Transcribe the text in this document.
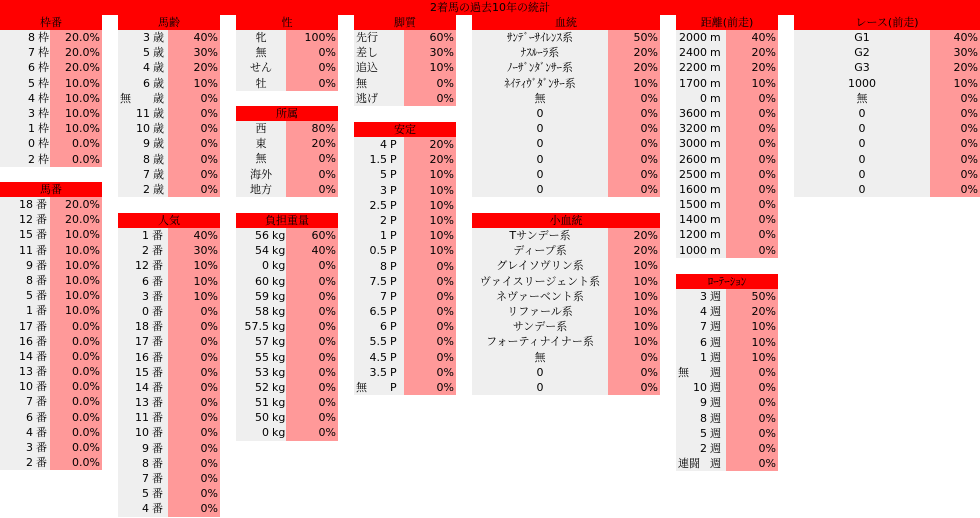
2着馬の過去10年の統計
枠番
8 枠	20.0%
7 枠	20.0%
6 枠	20.0%
5 枠	10.0%
4 枠	10.0%
3 枠	10.0%
1 枠	10.0%
0 枠	0.0%
2 枠	0.0%
馬番
18 番	20.0%
12 番	20.0%
15 番	10.0%
11 番	10.0%
9 番	10.0%
8 番	10.0%
5 番	10.0%
1 番	10.0%
17 番	0.0%
16 番	0.0%
14 番	0.0%
13 番	0.0%
10 番	0.0%
7 番	0.0%
6 番	0.0%
4 番	0.0%
3 番	0.0%
2 番	0.0%
馬齢
3 歳	40%
5 歳	30%
4 歳	20%
6 歳	10%
無 歳	0%
11 歳	0%
10 歳	0%
9 歳	0%
8 歳	0%
7 歳	0%
2 歳	0%
人気
1 番	40%
2 番	30%
12 番	10%
6 番	10%
3 番	10%
0 番	0%
18 番	0%
17 番	0%
16 番	0%
15 番	0%
14 番	0%
13 番	0%
11 番	0%
10 番	0%
9 番	0%
8 番	0%
7 番	0%
5 番	0%
4 番	0%
性
牝	100%
無	0%
せん	0%
牡	0%
所属
西	80%
東	20%
無	0%
海外	0%
地方	0%
負担重量
56 kg	60%
54 kg	40%
0 kg	0%
60 kg	0%
59 kg	0%
58 kg	0%
57.5 kg	0%
57 kg	0%
55 kg	0%
53 kg	0%
52 kg	0%
51 kg	0%
50 kg	0%
0 kg	0%
脚質
先行	60%
差し	30%
追込	10%
無	0%
逃げ	0%
安定
4 P	20%
1.5 P	20%
5 P	10%
3 P	10%
2.5 P	10%
2 P	10%
1 P	10%
0.5 P	10%
8 P	0%
7.5 P	0%
7 P	0%
6.5 P	0%
6 P	0%
5.5 P	0%
4.5 P	0%
3.5 P	0%
無 P	0%
血統
ｻﾝﾃﾞｰｻｲﾚﾝｽ系	50%
ﾅｽﾙｰﾗ系	20%
ﾉｰｻﾞﾝﾀﾞﾝｻｰ系	20%
ﾈｲﾃｨｳﾞﾀﾞﾝｻｰ系	10%
無	0%
0	0%
0	0%
0	0%
0	0%
0	0%
0	0%
小血統
Tサンデー系	20%
ディープ系	20%
グレイソヴリン系	10%
ヴァイスリージェント系	10%
ネヴァーベント系	10%
リファール系	10%
サンデー系	10%
フォーティナイナー系	10%
無	0%
0	0%
0	0%
距離(前走)
2000 m	40%
2400 m	20%
2200 m	20%
1700 m	10%
0 m	0%
3600 m	0%
3200 m	0%
3000 m	0%
2600 m	0%
2500 m	0%
1600 m	0%
1500 m	0%
1400 m	0%
1200 m	0%
1000 m	0%
ﾛｰﾃｰｼｮﾝ
3 週	50%
4 週	20%
7 週	10%
6 週	10%
1 週	10%
無 週	0%
10 週	0%
9 週	0%
8 週	0%
5 週	0%
2 週	0%
連闘 週	0%
レース(前走)
G1	40%
G2	30%
G3	20%
1000	10%
無	0%
0	0%
0	0%
0	0%
0	0%
0	0%
0	0%
